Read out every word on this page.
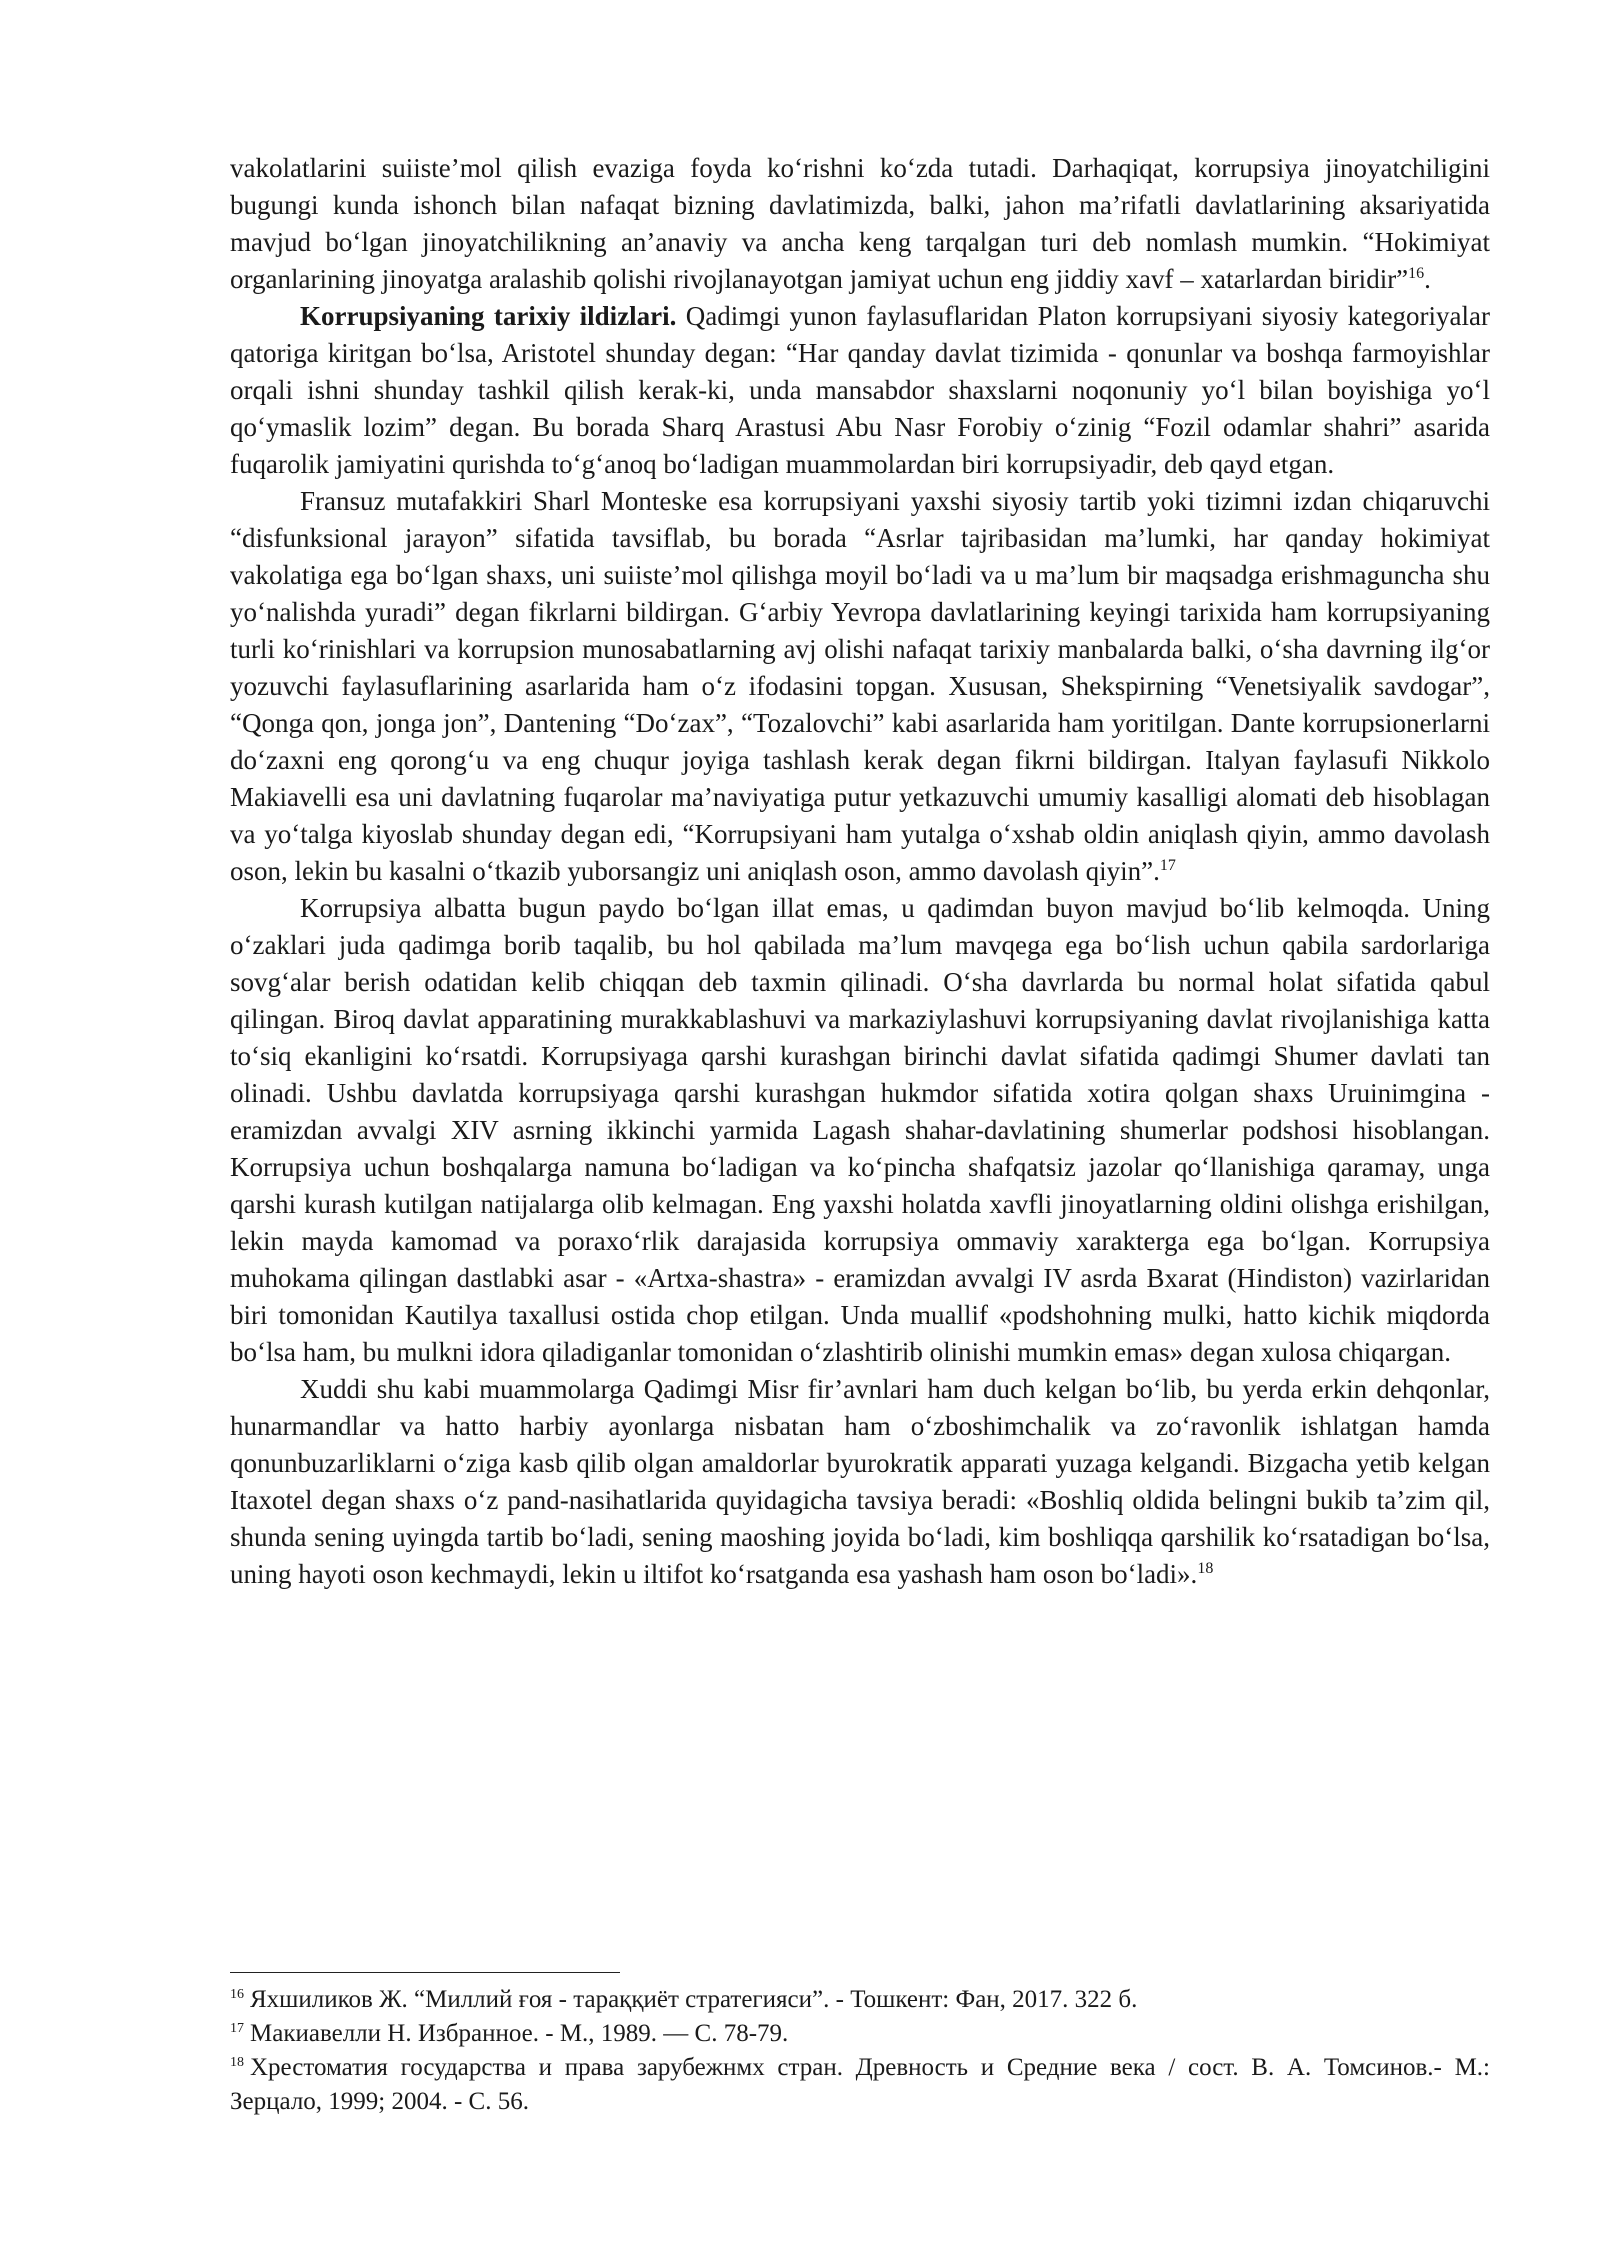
vakolatlarini suiiste’mol qilish evaziga foyda ko‘rishni ko‘zda tutadi. Darhaqiqat, korrupsiya jinoyatchiligini bugungi kunda ishonch bilan nafaqat bizning davlatimizda, balki, jahon ma’rifatli davlatlarining aksariyatida mavjud bo‘lgan jinoyatchilikning an’anaviy va ancha keng tarqalgan turi deb nomlash mumkin. “Hokimiyat organlarining jinoyatga aralashib qolishi rivojlanayotgan jamiyat uchun eng jiddiy xavf – xatarlardan biridir”$^{16}$.

Korrupsiyaning tarixiy ildizlari. Qadimgi yunon faylasuflaridan Platon korrupsiyani siyosiy kategoriyalar qatoriga kiritgan bo‘lsa, Aristotel shunday degan: “Har qanday davlat tizimida - qonunlar va boshqa farmoyishlar orqali ishni shunday tashkil qilish kerak-ki, unda mansabdor shaxslarni noqonuniy yo‘l bilan boyishiga yo‘l qo‘ymaslik lozim” degan. Bu borada Sharq Arastusi Abu Nasr Forobiy o‘zinig “Fozil odamlar shahri” asarida fuqarolik jamiyatini qurishda to‘g‘anoq bo‘ladigan muammolardan biri korrupsiyadir, deb qayd etgan.

Fransuz mutafakkiri Sharl Monteske esa korrupsiyani yaxshi siyosiy tartib yoki tizimni izdan chiqaruvchi “disfunksional jarayon” sifatida tavsiflab, bu borada “Asrlar tajribasidan ma’lumki, har qanday hokimiyat vakolatiga ega bo‘lgan shaxs, uni suiiste’mol qilishga moyil bo‘ladi va u ma’lum bir maqsadga erishmaguncha shu yo‘nalishda yuradi” degan fikrlarni bildirgan. G‘arbiy Yevropa davlatlarining keyingi tarixida ham korrupsiyaning turli ko‘rinishlari va korrupsion munosabatlarning avj olishi nafaqat tarixiy manbalarda balki, o‘sha davrning ilg‘or yozuvchi faylasuflarining asarlarida ham o‘z ifodasini topgan. Xususan, Shekspirning “Venetsiyalik savdogar”, “Qonga qon, jonga jon”, Dantening “Do‘zax”, “Tozalovchi” kabi asarlarida ham yoritilgan. Dante korrupsionerlarni do‘zaxni eng qorong‘u va eng chuqur joyiga tashlash kerak degan fikrni bildirgan. Italyan faylasufi Nikkolo Makiavelli esa uni davlatning fuqarolar ma’naviyatiga putur yetkazuvchi umumiy kasalligi alomati deb hisoblagan va yo‘talga kiyoslab shunday degan edi, “Korrupsiyani ham yutalga o‘xshab oldin aniqlash qiyin, ammo davolash oson, lekin bu kasalni o‘tkazib yuborsangiz uni aniqlash oson, ammo davolash qiyin”.$^{17}$

Korrupsiya albatta bugun paydo bo‘lgan illat emas, u qadimdan buyon mavjud bo‘lib kelmoqda. Uning o‘zaklari juda qadimga borib taqalib, bu hol qabilada ma’lum mavqega ega bo‘lish uchun qabila sardorlariga sovg‘alar berish odatidan kelib chiqqan deb taxmin qilinadi. O‘sha davrlarda bu normal holat sifatida qabul qilingan. Biroq davlat apparatining murakkablashuvi va markaziylashuvi korrupsiyaning davlat rivojlanishiga katta to‘siq ekanligini ko‘rsatdi. Korrupsiyaga qarshi kurashgan birinchi davlat sifatida qadimgi Shumer davlati tan olinadi. Ushbu davlatda korrupsiyaga qarshi kurashgan hukmdor sifatida xotira qolgan shaxs Uruinimgina - eramizdan avvalgi XIV asrning ikkinchi yarmida Lagash shahar-davlatining shumerlar podshosi hisoblangan. Korrupsiya uchun boshqalarga namuna bo‘ladigan va ko‘pincha shafqatsiz jazolar qo‘llanishiga qaramay, unga qarshi kurash kutilgan natijalarga olib kelmagan. Eng yaxshi holatda xavfli jinoyatlarning oldini olishga erishilgan, lekin mayda kamomad va poraxo‘rlik darajasida korrupsiya ommaviy xarakterga ega bo‘lgan. Korrupsiya muhokama qilingan dastlabki asar - «Artxa-shastra» - eramizdan avvalgi IV asrda Bxarat (Hindiston) vazirlaridan biri tomonidan Kautilya taxallusi ostida chop etilgan. Unda muallif «podshohning mulki, hatto kichik miqdorda bo‘lsa ham, bu mulkni idora qiladiganlar tomonidan o‘zlashtirib olinishi mumkin emas» degan xulosa chiqargan.

Xuddi shu kabi muammolarga Qadimgi Misr fir’avnlari ham duch kelgan bo‘lib, bu yerda erkin dehqonlar, hunarmandlar va hatto harbiy ayonlarga nisbatan ham o‘zboshimchalik va zo‘ravonlik ishlatgan hamda qonunbuzarliklarni o‘ziga kasb qilib olgan amaldorlar byurokratik apparati yuzaga kelgandi. Bizgacha yetib kelgan Itaxotel degan shaxs o‘z pand-nasihatlarida quyidagicha tavsiya beradi: «Boshliq oldida belingni bukib ta’zim qil, shunda sening uyingda tartib bo‘ladi, sening maoshing joyida bo‘ladi, kim boshliqqa qarshilik ko‘rsatadigan bo‘lsa, uning hayoti oson kechmaydi, lekin u iltifot ko‘rsatganda esa yashash ham oson bo‘ladi».$^{18}$

$^{16}$ Яхшиликов Ж. “Миллий ғоя - тараққиёт стратегияси”. - Тошкент: Фан, 2017. 322 б.

$^{17}$ Макиавелли Н. Избранное. - М., 1989. — С. 78-79.

$^{18}$ Хрестоматия государства и права зарубежнмх стран. Древность и Средние века / сост. В. А. Томсинов.- М.: Зерцало, 1999; 2004. - С. 56.
